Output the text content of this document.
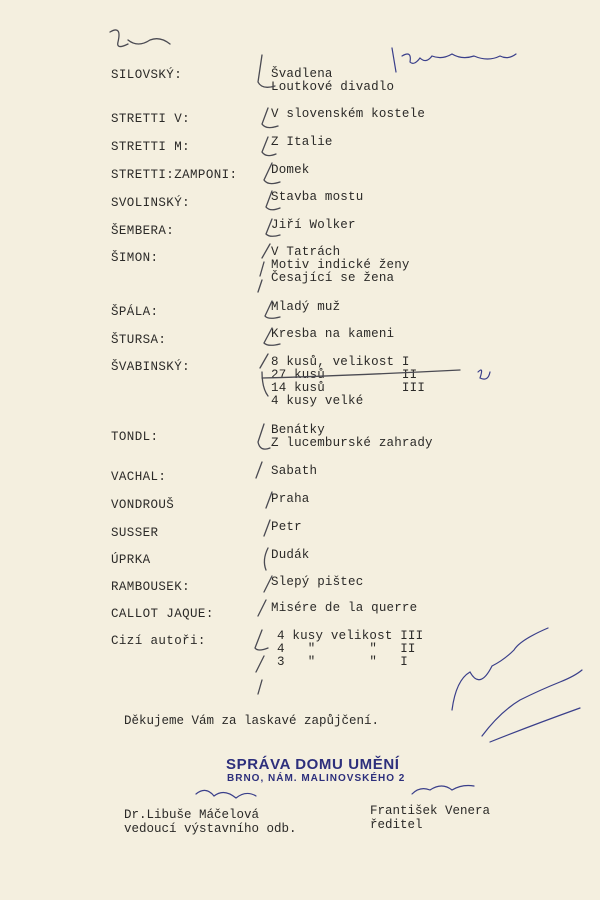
SILOVSKÝ:	Švadlena
Loutkové divadlo
STRETTI V:	V slovenském kostele
STRETTI M:	Z Italie
STRETTI:ZAMPONI:	Domek
SVOLINSKÝ:	Stavba mostu
ŠEMBERA:	Jiří Wolker
ŠIMON:	V Tatrách
Motiv indické ženy
Česající se žena
ŠPÁLA:	Mladý muž
ŠTURSA:	Kresba na kameni
ŠVABINSKÝ:	8 kusů, velikost I
27 kusů          II
14 kusů          III
4 kusy velké
TONDL:	Benátky
Z lucemburské zahrady
VACHAL:	Sabath
VONDROUŠ	Praha
SUSSER	Petr
ÚPRKA	Dudák
RAMBOUSEK:	Slepý pištec
CALLOT JAQUE:	Misére de la querre
Cizí autoři:	4 kusy velikost III
4   "       "   II
3   "       "   I
Děkujeme Vám za laskavé zapůjčení.
SPRÁVA DOMU UMĚNÍ
BRNO, NÁM. MALINOVSKÉHO 2
Dr.Libuše Máčelová
vedoucí výstavního odb.
František Venera
ředitel
